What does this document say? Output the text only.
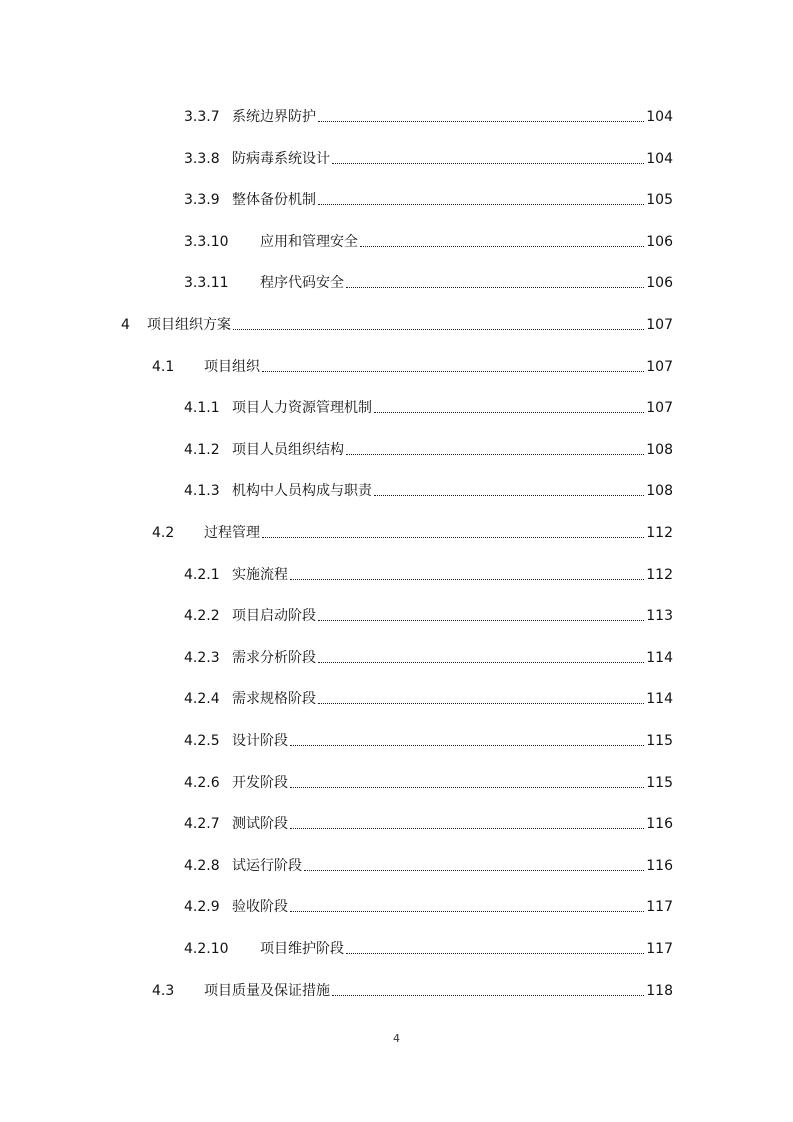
3.3.7 系统边界防护	104
3.3.8 防病毒系统设计	104
3.3.9 整体备份机制	105
3.3.10	应用和管理安全	106
3.3.11	程序代码安全	106
4	项目组织方案	107
4.1	项目组织	107
4.1.1 项目人力资源管理机制	107
4.1.2 项目人员组织结构	108
4.1.3 机构中人员构成与职责	108
4.2	过程管理	112
4.2.1 实施流程	112
4.2.2 项目启动阶段	113
4.2.3 需求分析阶段	114
4.2.4 需求规格阶段	114
4.2.5 设计阶段	115
4.2.6 开发阶段	115
4.2.7 测试阶段	116
4.2.8 试运行阶段	116
4.2.9 验收阶段	117
4.2.10	项目维护阶段	117
4.3	项目质量及保证措施	118
4
